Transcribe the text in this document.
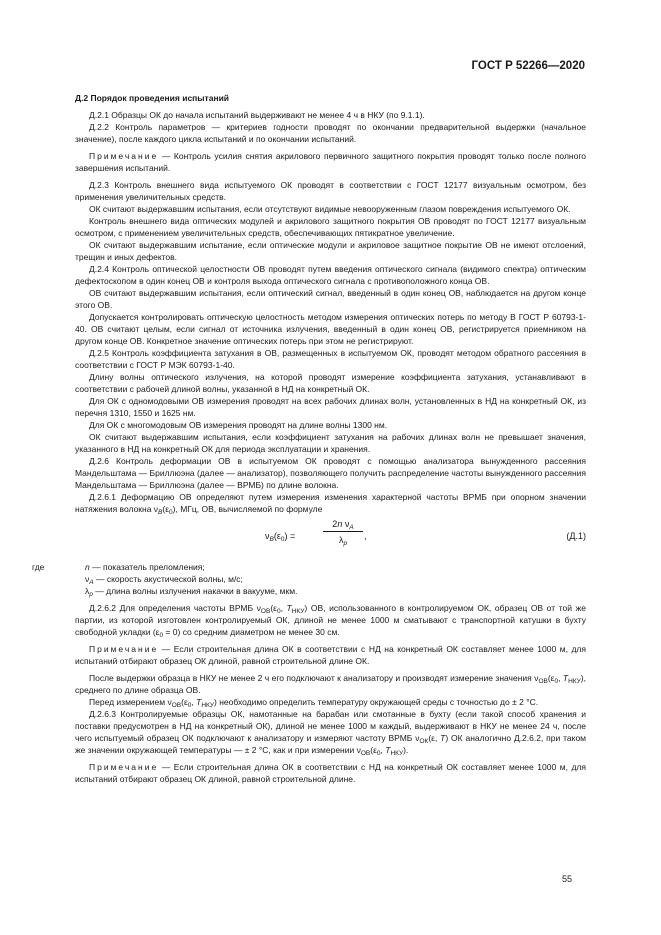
ГОСТ Р 52266—2020

Д.2 Порядок проведения испытаний

Д.2.1 Образцы ОК до начала испытаний выдерживают не менее 4 ч в НКУ (по 9.1.1).

Д.2.2 Контроль параметров — критериев годности проводят по окончании предварительной выдержки (начальное значение), после каждого цикла испытаний и по окончании испытаний.

Примечание — Контроль усилия снятия акрилового первичного защитного покрытия проводят только после полного завершения испытаний.

Д.2.3 Контроль внешнего вида испытуемого ОК проводят в соответствии с ГОСТ 12177 визуальным осмотром, без применения увеличительных средств.

ОК считают выдержавшим испытания, если отсутствуют видимые невооруженным глазом повреждения испытуемого ОК.

Контроль внешнего вида оптических модулей и акрилового защитного покрытия ОВ проводят по ГОСТ 12177 визуальным осмотром, с применением увеличительных средств, обеспечивающих пятикратное увеличение.

ОК считают выдержавшим испытание, если оптические модули и акриловое защитное покрытие ОВ не имеют отслоений, трещин и иных дефектов.

Д.2.4 Контроль оптической целостности ОВ проводят путем введения оптического сигнала (видимого спектра) оптическим дефектоскопом в один конец ОВ и контроля выхода оптического сигнала с противоположного конца ОВ.

ОВ считают выдержавшим испытания, если оптический сигнал, введенный в один конец ОВ, наблюдается на другом конце этого ОВ.

Допускается контролировать оптическую целостность методом измерения оптических потерь по методу В ГОСТ Р 60793-1-40. ОВ считают целым, если сигнал от источника излучения, введенный в один конец ОВ, регистрируется приемником на другом конце ОВ. Конкретное значение оптических потерь при этом не регистрируют.

Д.2.5 Контроль коэффициента затухания в ОВ, размещенных в испытуемом ОК, проводят методом обратного рассеяния в соответствии с ГОСТ Р МЭК 60793-1-40.

Длину волны оптического излучения, на которой проводят измерение коэффициента затухания, устанавливают в соответствии с рабочей длиной волны, указанной в НД на конкретный ОК.

Для ОК с одномодовыми ОВ измерения проводят на всех рабочих длинах волн, установленных в НД на конкретный ОК, из перечня 1310, 1550 и 1625 нм.

Для ОК с многомодовым ОВ измерения проводят на длине волны 1300 нм.

ОК считают выдержавшим испытания, если коэффициент затухания на рабочих длинах волн не превышает значения, указанного в НД на конкретный ОК для периода эксплуатации и хранения.

Д.2.6 Контроль деформации ОВ в испытуемом ОК проводят с помощью анализатора вынужденного рассеяния Мандельштама — Бриллюэна (далее — анализатор), позволяющего получить распределение частоты вынужденного рассеяния Мандельштама — Бриллюэна (далее — ВРМБ) по длине волокна.

Д.2.6.1 Деформацию ОВ определяют путем измерения изменения характерной частоты ВРМБ при опорном значении натяжения волокна $\nu_B(\varepsilon_0)$, МГц, ОВ, вычисляемой по формуле

$\nu_B(\varepsilon_0)$ =	$\frac{2n \nu_A}{\lambda_p}$ ,	(Д.1)
где	n — показатель преломления;
$\nu_A$ — скорость акустической волны, м/с;
$\lambda_p$ — длина волны излучения накачки в вакууме, мкм.

Д.2.6.2 Для определения частоты ВРМБ $\nu_{ОВ}(\varepsilon_0$, $T_{НКУ}$) ОВ, использованного в контролируемом ОК, образец ОВ от той же партии, из которой изготовлен контролируемый ОК, длиной не менее 1000 м сматывают с транспортной катушки в бухту свободной укладки $(\varepsilon_0 = 0)$ со средним диаметром не менее 30 см.

Примечание — Если строительная длина ОК в соответствии с НД на конкретный ОК составляет менее 1000 м, для испытаний отбирают образец ОК длиной, равной строительной длине ОК.

После выдержки образца в НКУ не менее 2 ч его подключают к анализатору и производят измерение значения $\nu_{ОВ}(\varepsilon_0$, $T_{НКУ}$), среднего по длине образца ОВ.

Перед измерением $\nu_{ОВ}(\varepsilon_0$, $T_{НКУ}$) необходимо определить температуру окружающей среды с точностью до ± 2 °С.

Д.2.6.3 Контролируемые образцы ОК, намотанные на барабан или смотанные в бухту (если такой способ хранения и поставки предусмотрен в НД на конкретный ОК), длиной не менее 1000 м каждый, выдерживают в НКУ не менее 24 ч, после чего испытуемый образец ОК подключают к анализатору и измеряют частоту ВРМБ $\nu_{ОК}(\varepsilon$, T) ОК аналогично Д.2.6.2, при таком же значении окружающей температуры — ± 2 °С, как и при измерении $\nu_{ОВ}(\varepsilon_0$, $T_{НКУ}$).

Примечание — Если строительная длина ОК в соответствии с НД на конкретный ОК составляет менее 1000 м, для испытаний отбирают образец ОК длиной, равной строительной длине.

55
